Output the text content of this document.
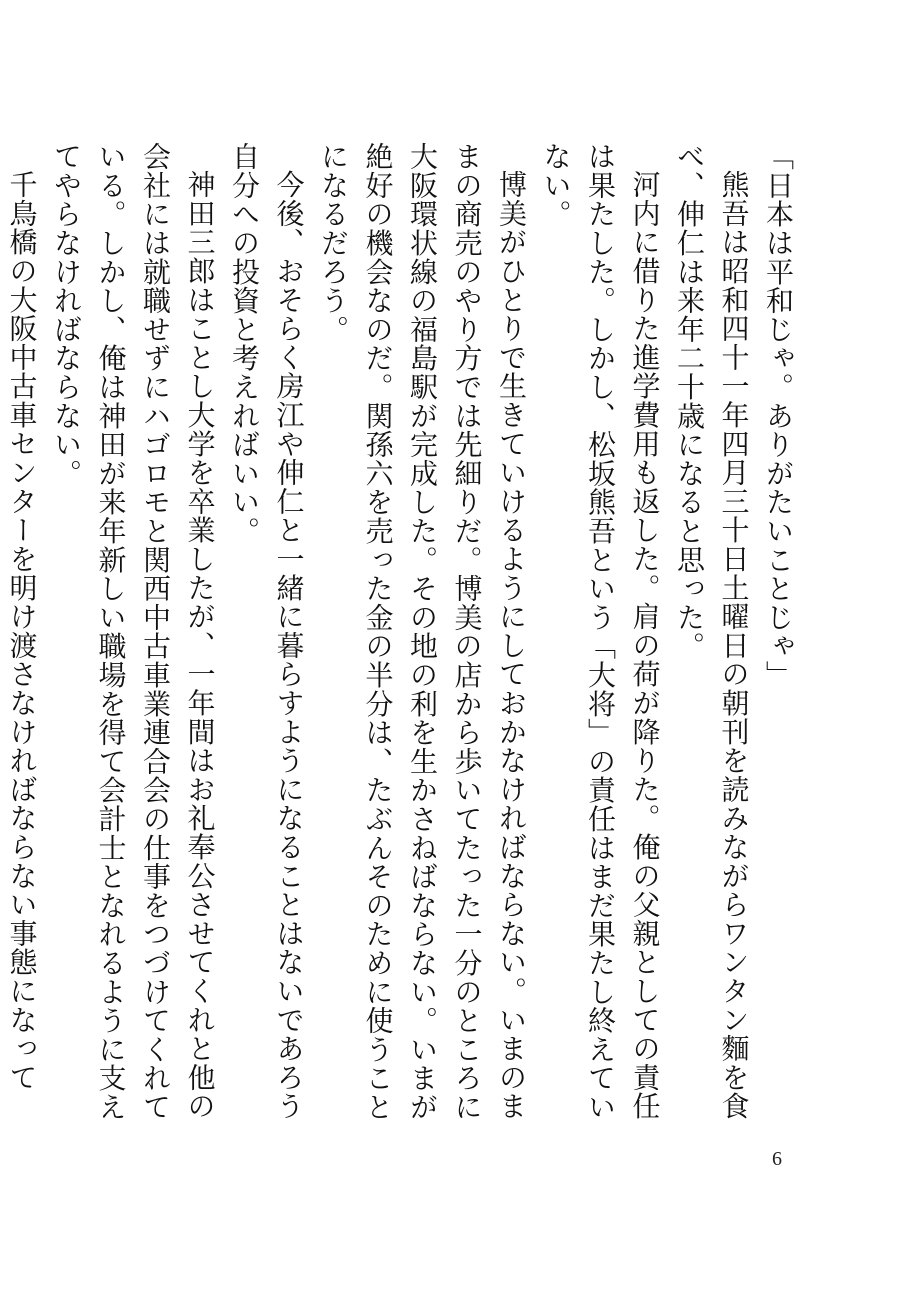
「日本は平和じゃ。ありがたいことじゃ」

熊吾は昭和四十一年四月三十日土曜日の朝刊を読みながらワンタン麵を食べ、伸仁は来年二十歳になると思った。

河内に借りた進学費用も返した。肩の荷が降りた。俺の父親としての責任は果たした。しかし、松坂熊吾という「大将」の責任はまだ果たし終えていない。

博美がひとりで生きていけるようにしておかなければならない。いまのままの商売のやり方では先細りだ。博美の店から歩いてたった一分のところに大阪環状線の福島駅が完成した。その地の利を生かさねばならない。いまが絶好の機会なのだ。関孫六を売った金の半分は、たぶんそのために使うことになるだろう。

今後、おそらく房江や伸仁と一緒に暮らすようになることはないであろう自分への投資と考えればいい。

神田三郎はことし大学を卒業したが、一年間はお礼奉公させてくれと他の会社には就職せずにハゴロモと関西中古車業連合会の仕事をつづけてくれている。しかし、俺は神田が来年新しい職場を得て会計士となれるように支えてやらなければならない。

千鳥橋の大阪中古車センターを明け渡さなければならない事態になって

6
